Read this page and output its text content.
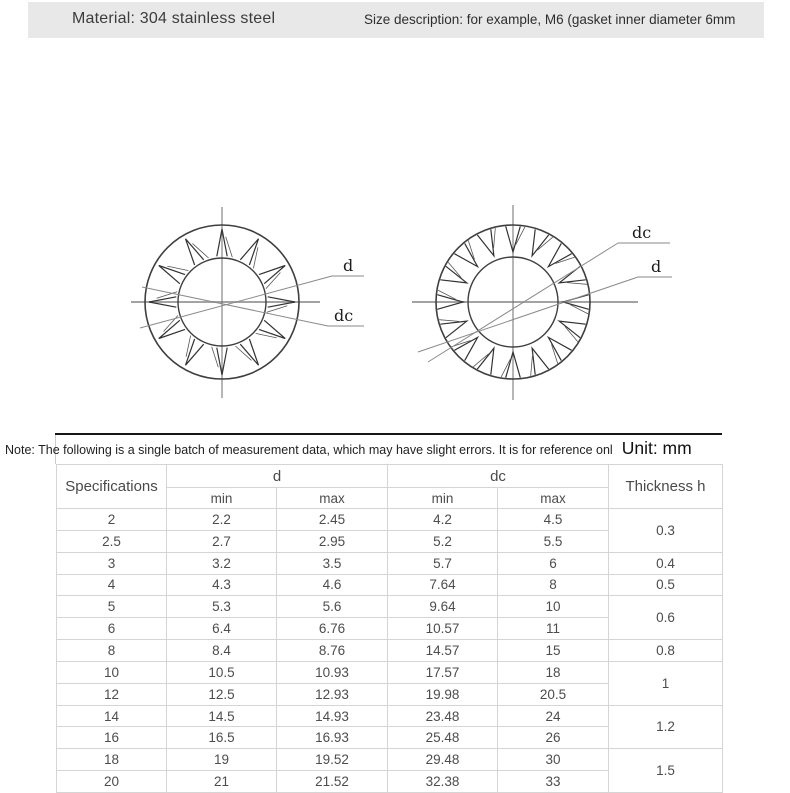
Material: 304 stainless steel	Size description: for example, M6 (gasket inner diameter 6mm
d
dc
dc
d
Note: The following is a single batch of measurement data, which may have slight errors. It is for reference onl Unit: mm
Specifications	d		dc		Thickness h
	min	max	min	max	
2	2.2	2.45	4.2	4.5	0.3
2.5	2.7	2.95	5.2	5.5	
3	3.2	3.5	5.7	6	0.4
4	4.3	4.6	7.64	8	0.5
5	5.3	5.6	9.64	10	0.6
6	6.4	6.76	10.57	11	
8	8.4	8.76	14.57	15	0.8
10	10.5	10.93	17.57	18	1
12	12.5	12.93	19.98	20.5	
14	14.5	14.93	23.48	24	1.2
16	16.5	16.93	25.48	26	
18	19	19.52	29.48	30	1.5
20	21	21.52	32.38	33	
